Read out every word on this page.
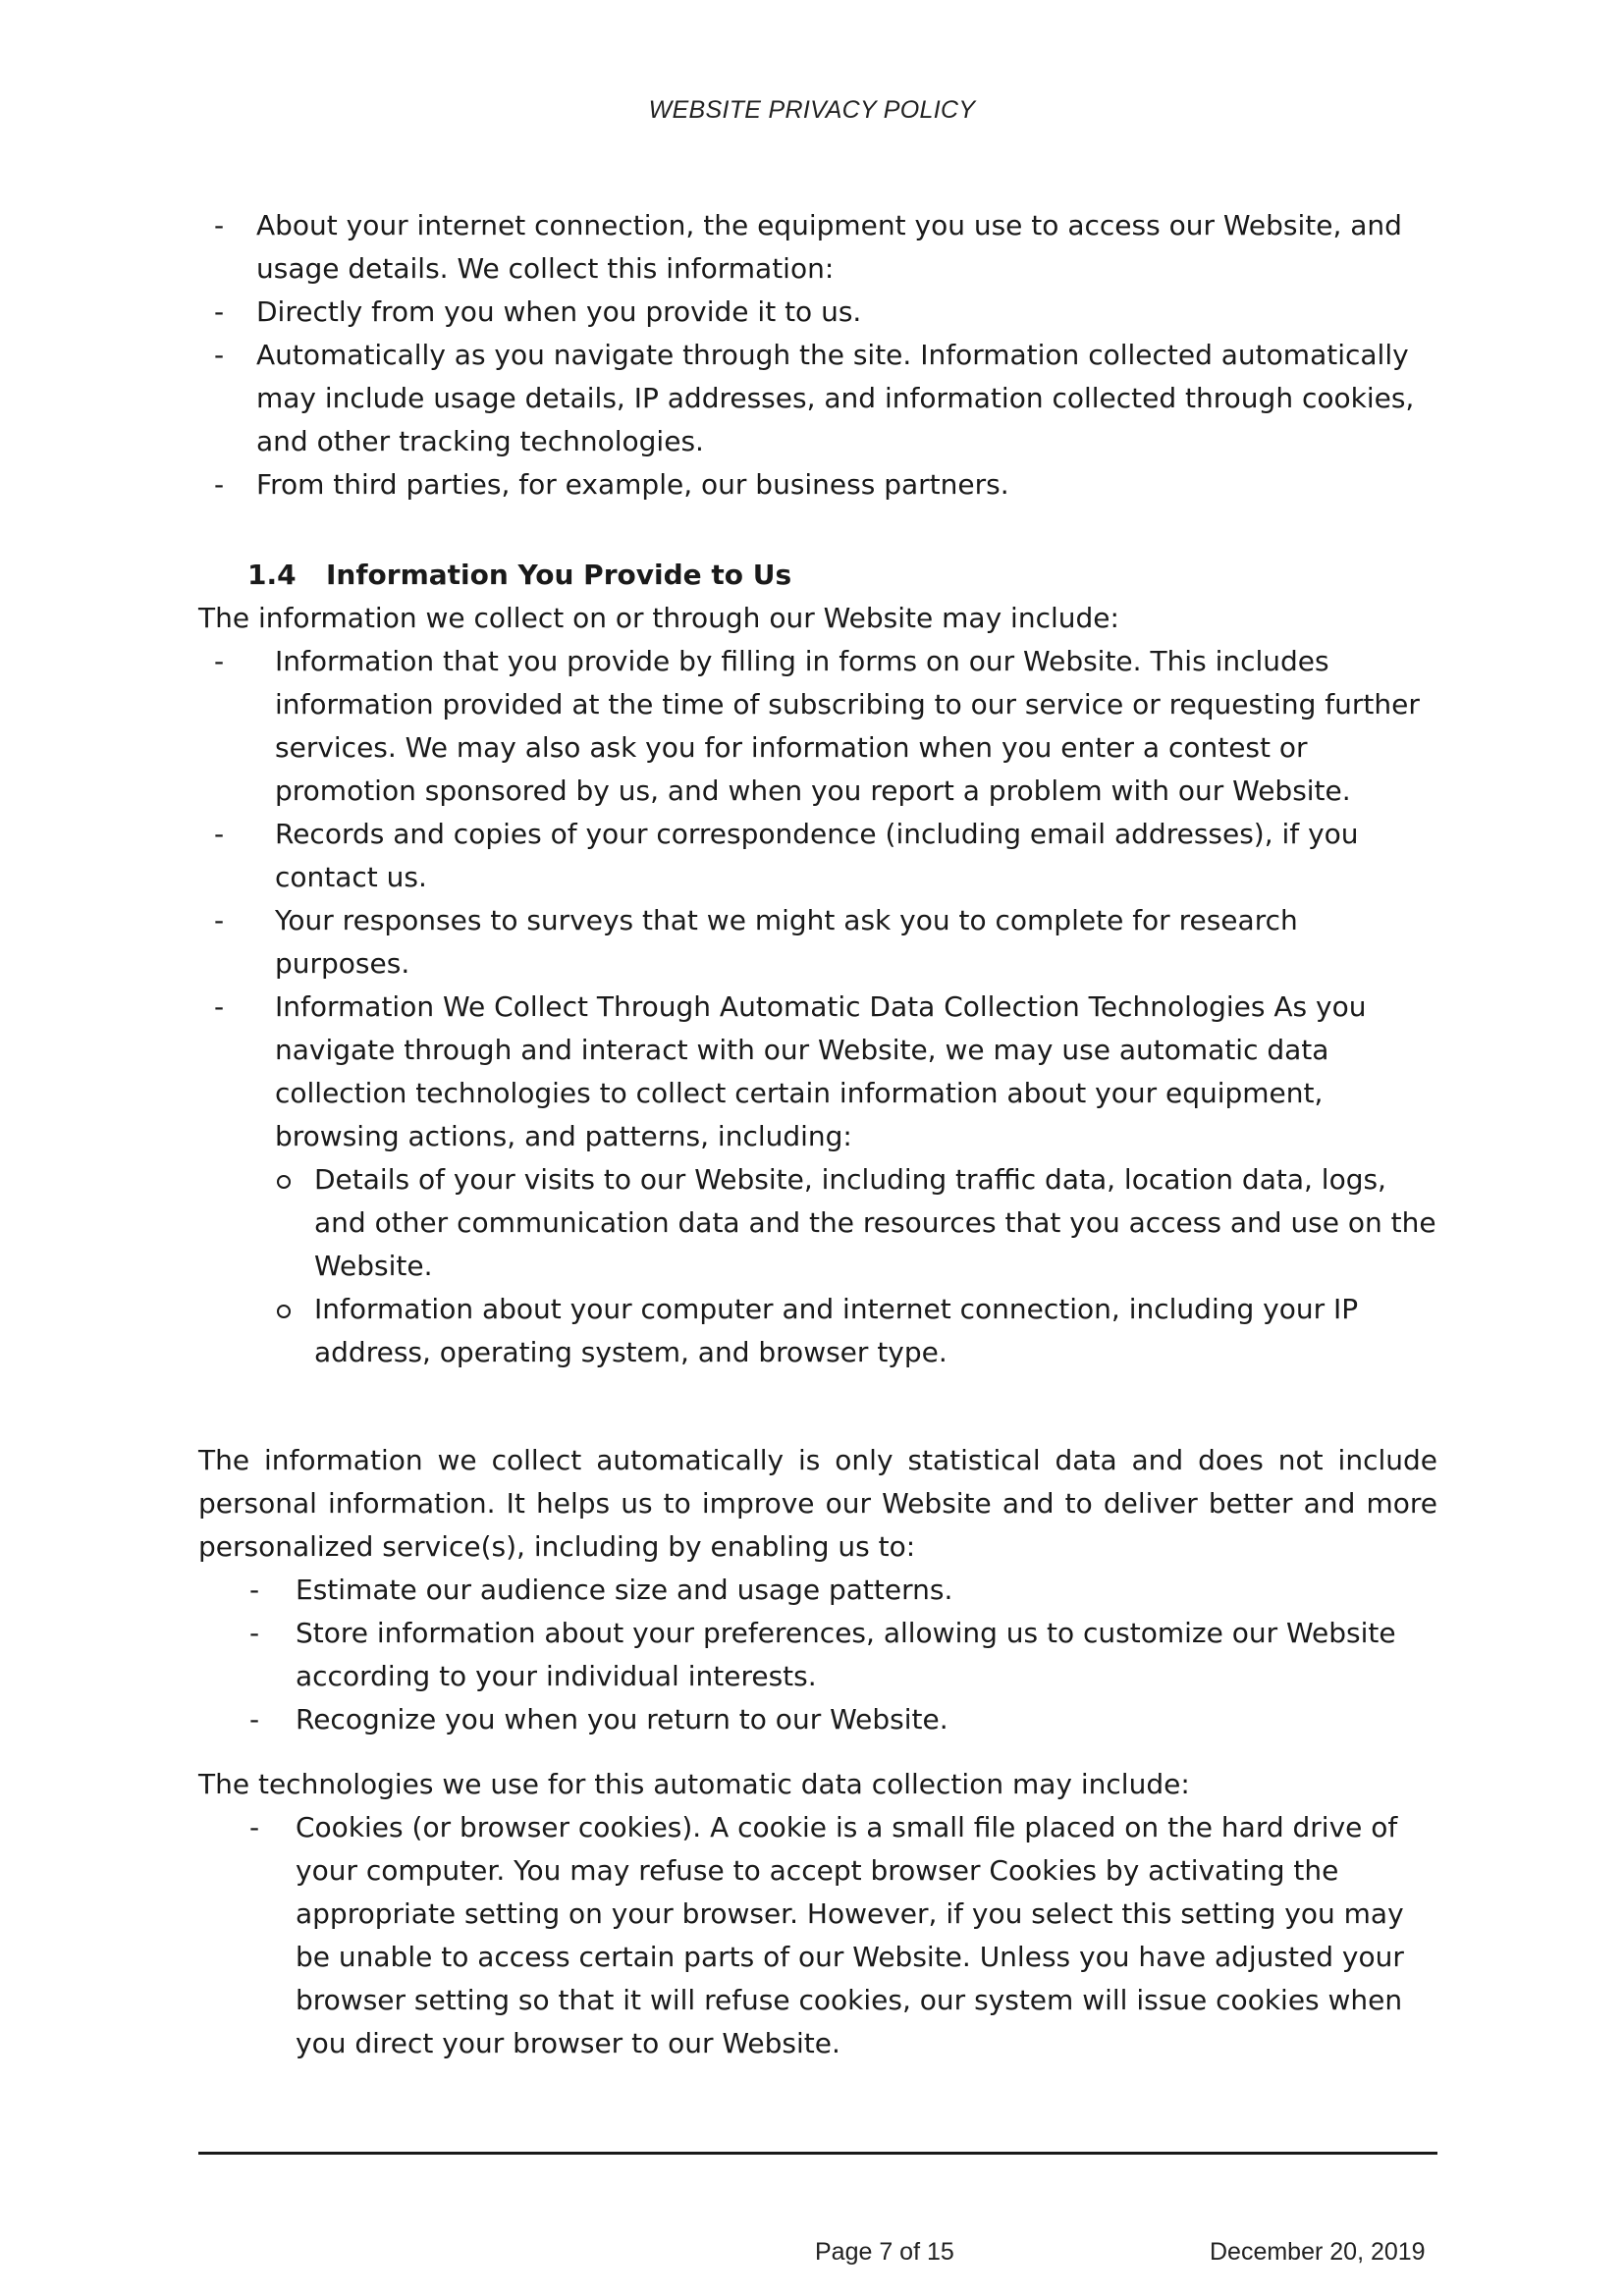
WEBSITE PRIVACY POLICY
- About your internet connection, the equipment you use to access our Website, and usage details. We collect this information:
- Directly from you when you provide it to us.
- Automatically as you navigate through the site. Information collected automatically may include usage details, IP addresses, and information collected through cookies, and other tracking technologies.
- From third parties, for example, our business partners.
1.4 Information You Provide to Us

The information we collect on or through our Website may include:

- Information that you provide by filling in forms on our Website. This includes information provided at the time of subscribing to our service or requesting further services. We may also ask you for information when you enter a contest or promotion sponsored by us, and when you report a problem with our Website.
- Records and copies of your correspondence (including email addresses), if you contact us.
- Your responses to surveys that we might ask you to complete for research purposes.
- Information We Collect Through Automatic Data Collection Technologies As you navigate through and interact with our Website, we may use automatic data collection technologies to collect certain information about your equipment, browsing actions, and patterns, including:
Details of your visits to our Website, including traffic data, location data, logs, and other communication data and the resources that you access and use on the Website.
Information about your computer and internet connection, including your IP address, operating system, and browser type.

The information we collect automatically is only statistical data and does not include personal information. It helps us to improve our Website and to deliver better and more personalized service(s), including by enabling us to:

- Estimate our audience size and usage patterns.
- Store information about your preferences, allowing us to customize our Website according to your individual interests.
- Recognize you when you return to our Website.

The technologies we use for this automatic data collection may include:

- Cookies (or browser cookies). A cookie is a small file placed on the hard drive of your computer. You may refuse to accept browser Cookies by activating the appropriate setting on your browser. However, if you select this setting you may be unable to access certain parts of our Website. Unless you have adjusted your browser setting so that it will refuse cookies, our system will issue cookies when you direct your browser to our Website.
Page 7 of 15	December 20, 2019
